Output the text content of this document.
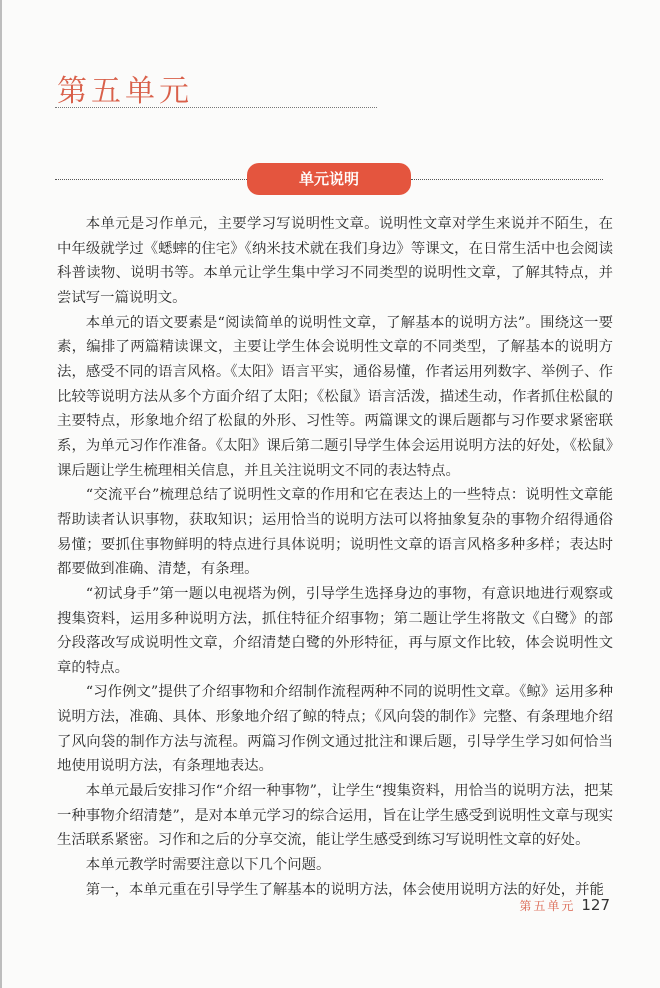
第五单元
单元说明

本单元是习作单元，主要学习写说明性文章。说明性文章对学生来说并不陌生，在中年级就学过《蟋蟀的住宅》《纳米技术就在我们身边》等课文，在日常生活中也会阅读科普读物、说明书等。本单元让学生集中学习不同类型的说明性文章，了解其特点，并尝试写一篇说明文。

本单元的语文要素是“阅读简单的说明性文章，了解基本的说明方法”。围绕这一要素，编排了两篇精读课文，主要让学生体会说明性文章的不同类型，了解基本的说明方法，感受不同的语言风格。《太阳》语言平实，通俗易懂，作者运用列数字、举例子、作比较等说明方法从多个方面介绍了太阳；《松鼠》语言活泼，描述生动，作者抓住松鼠的主要特点，形象地介绍了松鼠的外形、习性等。两篇课文的课后题都与习作要求紧密联系，为单元习作作准备。《太阳》课后第二题引导学生体会运用说明方法的好处，《松鼠》课后题让学生梳理相关信息，并且关注说明文不同的表达特点。

“交流平台”梳理总结了说明性文章的作用和它在表达上的一些特点：说明性文章能帮助读者认识事物，获取知识；运用恰当的说明方法可以将抽象复杂的事物介绍得通俗易懂；要抓住事物鲜明的特点进行具体说明；说明性文章的语言风格多种多样；表达时都要做到准确、清楚，有条理。

“初试身手”第一题以电视塔为例，引导学生选择身边的事物，有意识地进行观察或搜集资料，运用多种说明方法，抓住特征介绍事物；第二题让学生将散文《白鹭》的部分段落改写成说明性文章，介绍清楚白鹭的外形特征，再与原文作比较，体会说明性文章的特点。

“习作例文”提供了介绍事物和介绍制作流程两种不同的说明性文章。《鲸》运用多种说明方法，准确、具体、形象地介绍了鲸的特点；《风向袋的制作》完整、有条理地介绍了风向袋的制作方法与流程。两篇习作例文通过批注和课后题，引导学生学习如何恰当地使用说明方法，有条理地表达。

本单元最后安排习作“介绍一种事物”，让学生“搜集资料，用恰当的说明方法，把某一种事物介绍清楚”，是对本单元学习的综合运用，旨在让学生感受到说明性文章与现实生活联系紧密。习作和之后的分享交流，能让学生感受到练习写说明性文章的好处。

本单元教学时需要注意以下几个问题。

第一，本单元重在引导学生了解基本的说明方法，体会使用说明方法的好处，并能

第五单元 127
